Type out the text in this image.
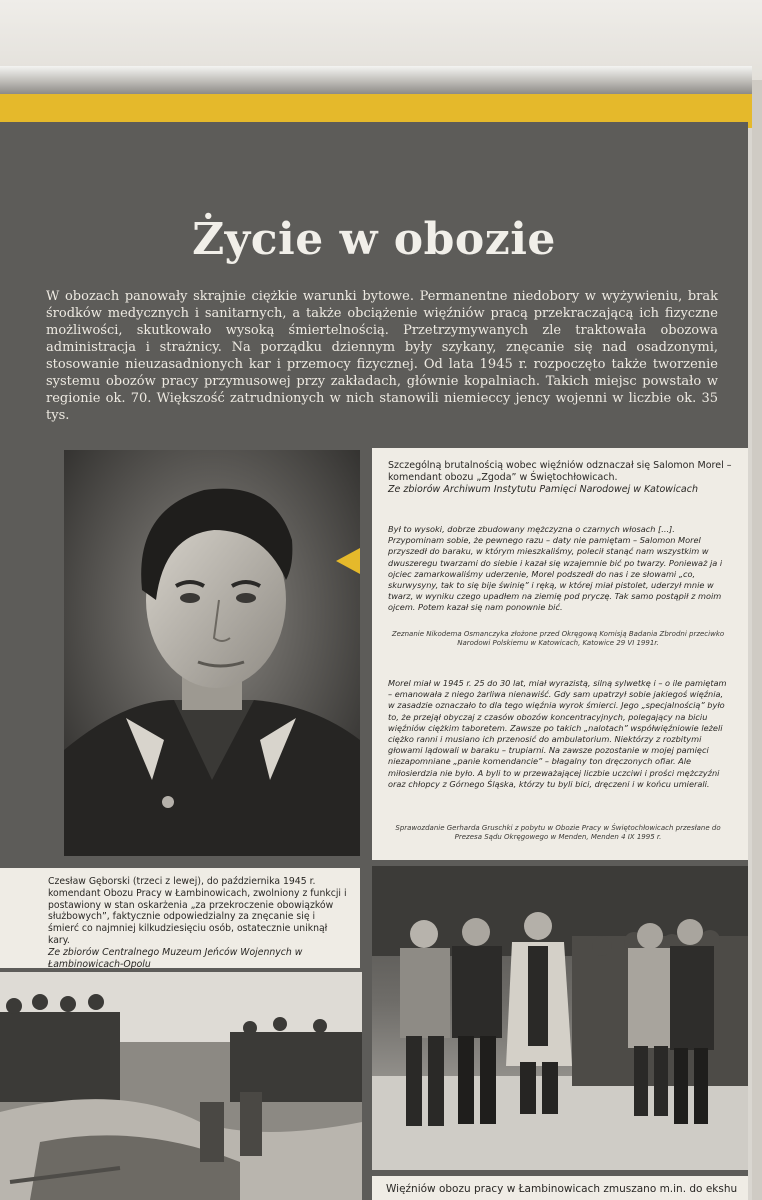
Życie w obozie
W obozach panowały skrajnie ciężkie warunki bytowe. Permanentne niedobory w wyżywieniu, brak środków medycznych i sanitarnych, a także obciążenie więźniów pracą przekraczającą ich fizyczne możliwości, skutkowało wysoką śmiertelnością. Przetrzymywanych zle traktowała obozowa administracja i strażnicy. Na porządku dziennym były szykany, znęcanie się nad osadzonymi, stosowanie nieuzasadnionych kar i przemocy fizycznej. Od lata 1945 r. rozpoczęto także tworzenie systemu obozów pracy przymusowej przy zakładach, głównie kopalniach. Takich miejsc powstało w regionie ok. 70. Większość zatrudnionych w nich stanowili niemieccy jency wojenni w liczbie ok. 35 tys.
Szczególną brutalnością wobec więźniów odznaczał się Salomon Morel – komendant obozu „Zgoda” w Świętochłowicach.
Ze zbiorów Archiwum Instytutu Pamięci Narodowej w Katowicach
Był to wysoki, dobrze zbudowany mężczyzna o czarnych włosach [...]. Przypominam sobie, że pewnego razu – daty nie pamiętam – Salomon Morel przyszedł do baraku, w którym mieszkaliśmy, polecił stanąć nam wszystkim w dwuszeregu twarzami do siebie i kazał się wzajemnie bić po twarzy. Ponieważ ja i ojciec zamarkowaliśmy uderzenie, Morel podszedł do nas i ze słowami „co, skurwysyny, tak to się bije świnię” i ręką, w której miał pistolet, uderzył mnie w twarz, w wyniku czego upadłem na ziemię pod pryczę. Tak samo postąpił z moim ojcem. Potem kazał się nam ponownie bić.
Zeznanie Nikodema Osmanczyka złożone przed Okręgową Komisją Badania Zbrodni przeciwko Narodowi Polskiemu w Katowicach, Katowice 29 VI 1991r.
Morel miał w 1945 r. 25 do 30 lat, miał wyrazistą, silną sylwetkę i – o ile pamiętam – emanowała z niego żarliwa nienawiść. Gdy sam upatrzył sobie jakiegoś więźnia, w zasadzie oznaczało to dla tego więźnia wyrok śmierci. Jego „specjalnością” było to, że przejął obyczaj z czasów obozów koncentracyjnych, polegający na biciu więźniów ciężkim taboretem. Zawsze po takich „nalotach” współwięźniowie leżeli ciężko ranni i musiano ich przenosić do ambulatorium. Niektórzy z rozbitymi głowami lądowali w baraku – trupiarni. Na zawsze pozostanie w mojej pamięci niezapomniane „panie komendancie” – błagalny ton dręczonych ofiar. Ale miłosierdzia nie było. A byli to w przeważającej liczbie uczciwi i prości mężczyźni oraz chłopcy z Górnego Śląska, którzy tu byli bici, dręczeni i w końcu umierali.
Sprawozdanie Gerharda Gruschki z pobytu w Obozie Pracy w Świętochłowicach przesłane do Prezesa Sądu Okręgowego w Menden, Menden 4 IX 1995 r.
Czesław Gęborski (trzeci z lewej), do października 1945 r. komendant Obozu Pracy w Łambinowicach, zwolniony z funkcji i postawiony w stan oskarżenia „za przekroczenie obowiązków służbowych”, faktycznie odpowiedzialny za znęcanie się i śmierć co najmniej kilkudziesięciu osób, ostatecznie uniknął kary.
Ze zbiorów Centralnego Muzeum Jeńców Wojennych w Łambinowicach-Opolu
Więźniów obozu pracy w Łambinowicach zmuszano m.in. do ekshu
